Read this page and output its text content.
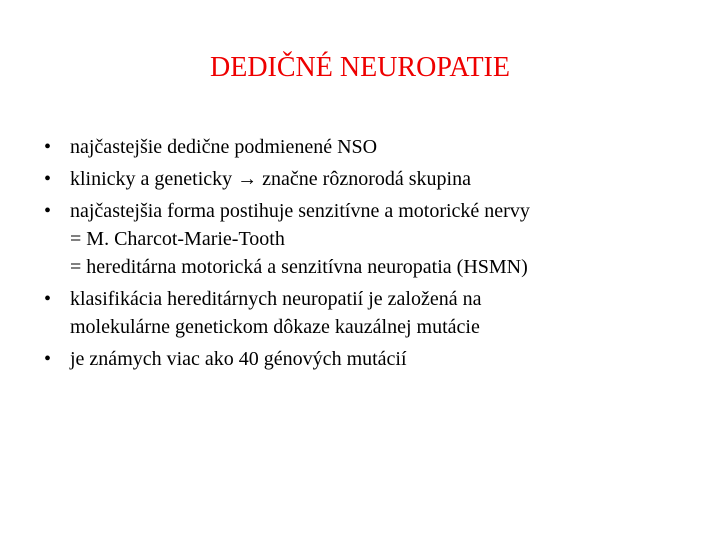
DEDIČNÉ NEUROPATIE
• najčastejšie dedične podmienené NSO
• klinicky a geneticky → značne rôznorodá skupina
• najčastejšia forma postihuje senzitívne a motorické nervy
= M. Charcot-Marie-Tooth
= hereditárna motorická a senzitívna neuropatia (HSMN)
• klasifikácia hereditárnych neuropatií je založená na
molekulárne genetickom dôkaze kauzálnej mutácie
• je známych viac ako 40 génových mutácií
